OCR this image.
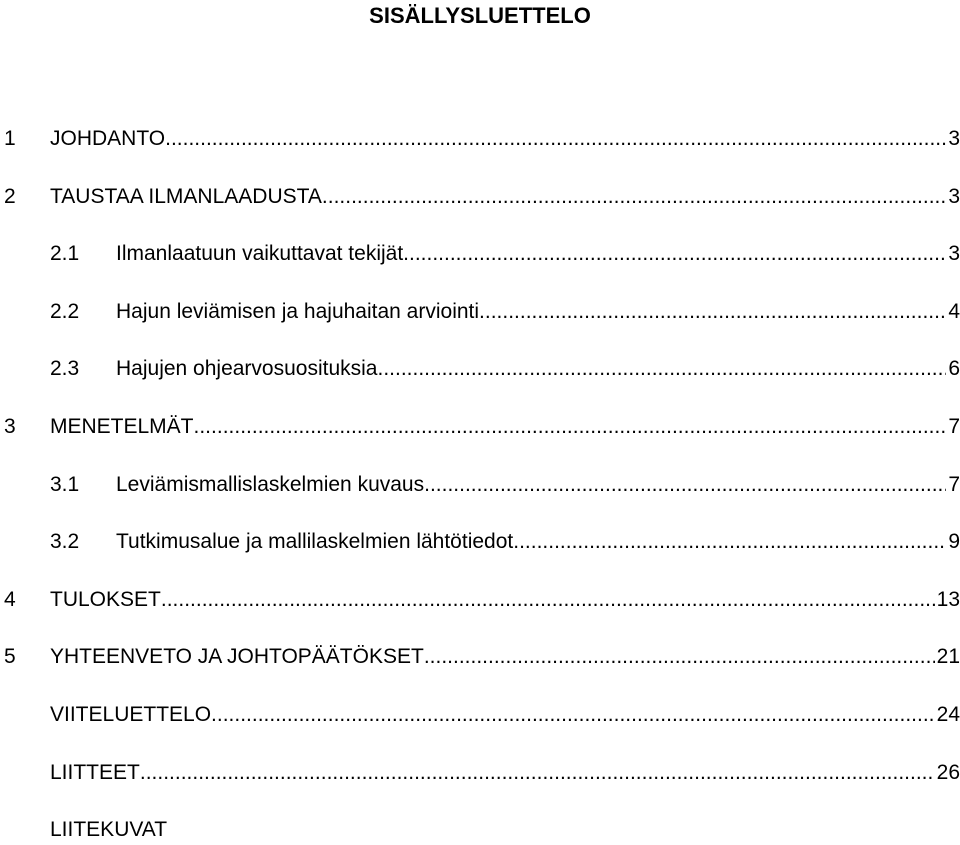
SISÄLLYSLUETTELO
1 JOHDANTO .....	3
2 TAUSTAA ILMANLAADUSTA .....	3
2.1 Ilmanlaatuun vaikuttavat tekijät .....	3
2.2 Hajun leviämisen ja hajuhaitan arviointi .....	4
2.3 Hajujen ohjearvosuosituksia .....	6
3 MENETELMÄT .....	7
3.1 Leviämismallislaskelmien kuvaus .....	7
3.2 Tutkimusalue ja mallilaskelmien lähtötiedot .....	9
4 TULOKSET .....	13
5 YHTEENVETO JA JOHTOPÄÄTÖKSET .....	21
VIITELUETTELO .....	24
LIITTEET .....	26
LIITEKUVAT
